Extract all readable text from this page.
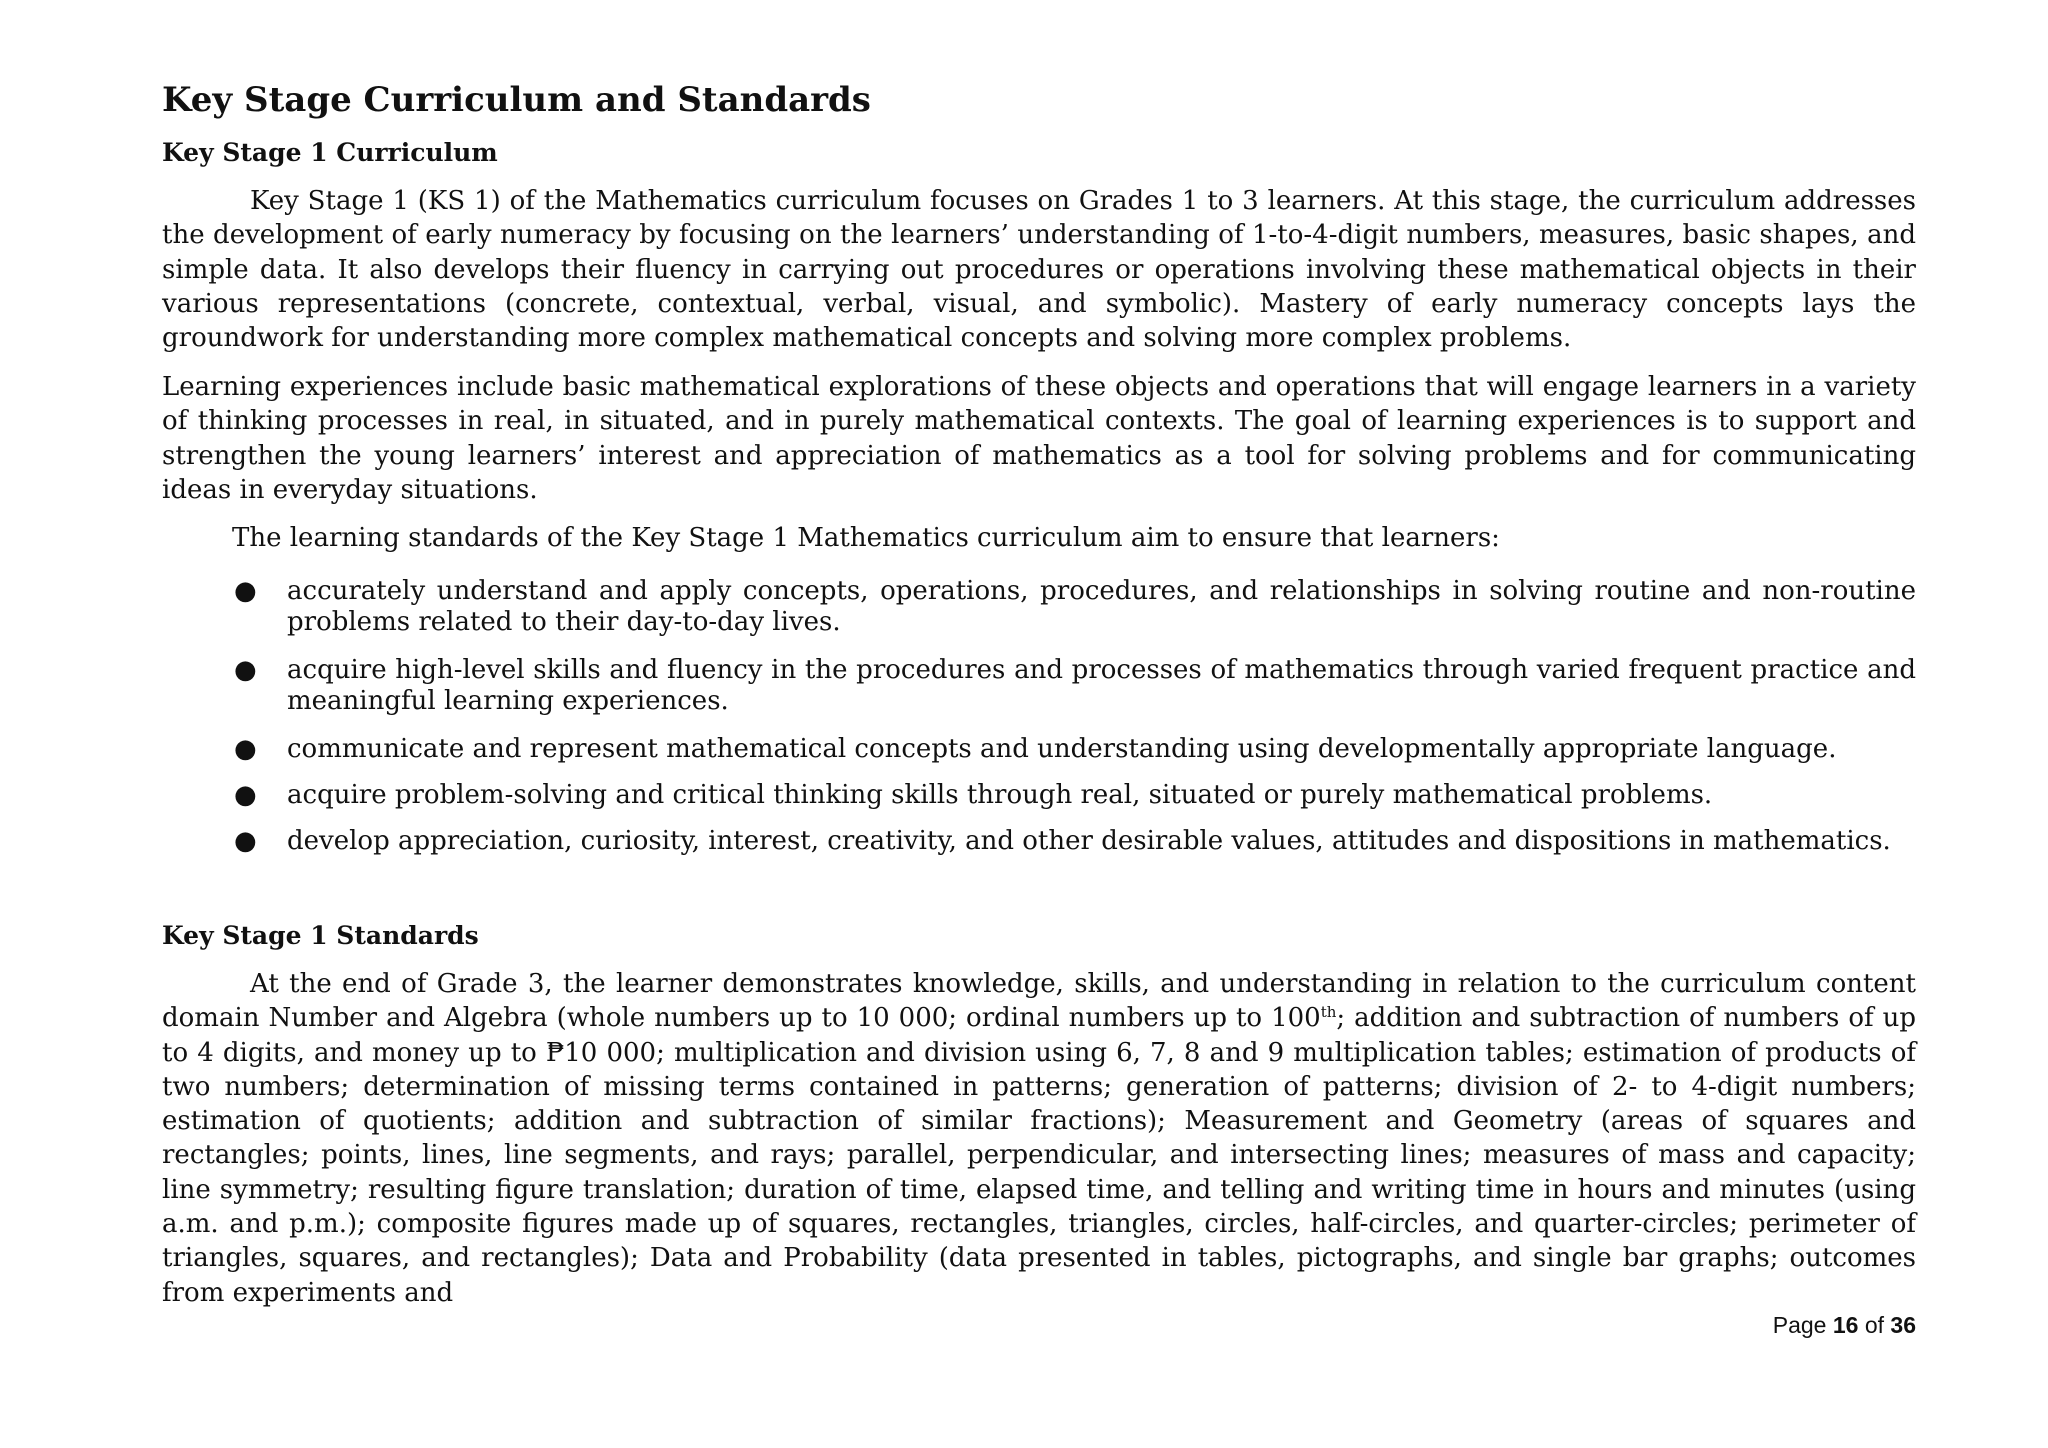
Key Stage Curriculum and Standards
Key Stage 1 Curriculum

Key Stage 1 (KS 1) of the Mathematics curriculum focuses on Grades 1 to 3 learners. At this stage, the curriculum addresses the development of early numeracy by focusing on the learners’ understanding of 1-to-4-digit numbers, measures, basic shapes, and simple data. It also develops their fluency in carrying out procedures or operations involving these mathematical objects in their various representations (concrete, contextual, verbal, visual, and symbolic). Mastery of early numeracy concepts lays the groundwork for understanding more complex mathematical concepts and solving more complex problems.

Learning experiences include basic mathematical explorations of these objects and operations that will engage learners in a variety of thinking processes in real, in situated, and in purely mathematical contexts. The goal of learning experiences is to support and strengthen the young learners’ interest and appreciation of mathematics as a tool for solving problems and for communicating ideas in everyday situations.

The learning standards of the Key Stage 1 Mathematics curriculum aim to ensure that learners:

● accurately understand and apply concepts, operations, procedures, and relationships in solving routine and non-routine problems related to their day-to-day lives.
● acquire high-level skills and fluency in the procedures and processes of mathematics through varied frequent practice and meaningful learning experiences.
● communicate and represent mathematical concepts and understanding using developmentally appropriate language.
● acquire problem-solving and critical thinking skills through real, situated or purely mathematical problems.
● develop appreciation, curiosity, interest, creativity, and other desirable values, attitudes and dispositions in mathematics.
Key Stage 1 Standards

At the end of Grade 3, the learner demonstrates knowledge, skills, and understanding in relation to the curriculum content domain Number and Algebra (whole numbers up to 10 000; ordinal numbers up to 100th; addition and subtraction of numbers of up to 4 digits, and money up to ₱10 000; multiplication and division using 6, 7, 8 and 9 multiplication tables; estimation of products of two numbers; determination of missing terms contained in patterns; generation of patterns; division of 2- to 4-digit numbers; estimation of quotients; addition and subtraction of similar fractions); Measurement and Geometry (areas of squares and rectangles; points, lines, line segments, and rays; parallel, perpendicular, and intersecting lines; measures of mass and capacity; line symmetry; resulting figure translation; duration of time, elapsed time, and telling and writing time in hours and minutes (using a.m. and p.m.); composite figures made up of squares, rectangles, triangles, circles, half-circles, and quarter-circles; perimeter of triangles, squares, and rectangles); Data and Probability (data presented in tables, pictographs, and single bar graphs; outcomes from experiments and

Page 16 of 36
